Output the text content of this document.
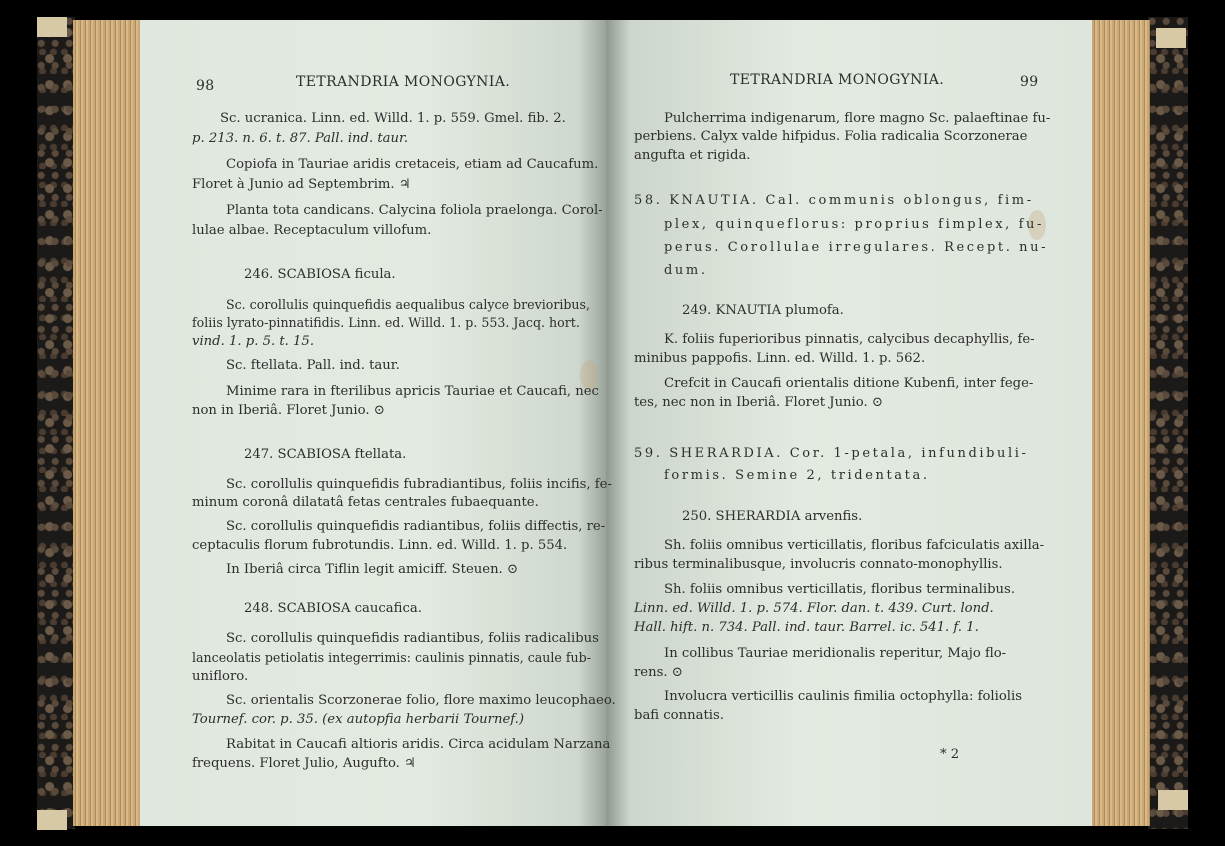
98	TETRANDRIA MONOGYNIA.
Sc. ucranica. Linn. ed. Willd. 1. p. 559. Gmel. fib. 2.
p. 213. n. 6. t. 87. Pall. ind. taur.
Copiofa in Tauriae aridis cretaceis, etiam ad Caucafum.
Floret à Junio ad Septembrim. ♃
Planta tota candicans. Calycina foliola praelonga. Corol-
lulae albae. Receptaculum villofum.
246. SCABIOSA ficula.
Sc. corollulis quinquefidis aequalibus calyce brevioribus,
foliis lyrato-pinnatifidis. Linn. ed. Willd. 1. p. 553. Jacq. hort.
vind. 1. p. 5. t. 15.
Sc. ftellata. Pall. ind. taur.
Minime rara in fterilibus apricis Tauriae et Caucafi, nec
non in Iberiâ. Floret Junio. ⊙
247. SCABIOSA ftellata.
Sc. corollulis quinquefidis fubradiantibus, foliis incifis, fe-
minum coronâ dilatatâ fetas centrales fubaequante.
Sc. corollulis quinquefidis radiantibus, foliis diffectis, re-
ceptaculis florum fubrotundis. Linn. ed. Willd. 1. p. 554.
In Iberiâ circa Tiflin legit amiciff. Steuen. ⊙
248. SCABIOSA caucafica.
Sc. corollulis quinquefidis radiantibus, foliis radicalibus
lanceolatis petiolatis integerrimis: caulinis pinnatis, caule fub-
unifloro.
Sc. orientalis Scorzonerae folio, flore maximo leucophaeo.
Tournef. cor. p. 35. (ex autopfia herbarii Tournef.)
Rabitat in Caucafi altioris aridis. Circa acidulam Narzana
frequens. Floret Julio, Augufto. ♃
TETRANDRIA MONOGYNIA.	99
Pulcherrima indigenarum, flore magno Sc. palaeftinae fu-
perbiens. Calyx valde hifpidus. Folia radicalia Scorzonerae
angufta et rigida.
58. KNAUTIA. Cal. communis oblongus, fim-
plex, quinqueflorus: proprius fimplex, fu-
perus. Corollulae irregulares. Recept. nu-
dum.
249. KNAUTIA plumofa.
K. foliis fuperioribus pinnatis, calycibus decaphyllis, fe-
minibus pappofis. Linn. ed. Willd. 1. p. 562.
Crefcit in Caucafi orientalis ditione Kubenfi, inter fege-
tes, nec non in Iberiâ. Floret Junio. ⊙
59. SHERARDIA. Cor. 1-petala, infundibuli-
formis. Semine 2, tridentata.
250. SHERARDIA arvenfis.
Sh. foliis omnibus verticillatis, floribus fafciculatis axilla-
ribus terminalibusque, involucris connato-monophyllis.
Sh. foliis omnibus verticillatis, floribus terminalibus.
Linn. ed. Willd. 1. p. 574. Flor. dan. t. 439. Curt. lond.
Hall. hift. n. 734. Pall. ind. taur. Barrel. ic. 541. f. 1.
In collibus Tauriae meridionalis reperitur, Majo flo-
rens. ⊙
Involucra verticillis caulinis fimilia octophylla: foliolis
bafi connatis.
* 2
